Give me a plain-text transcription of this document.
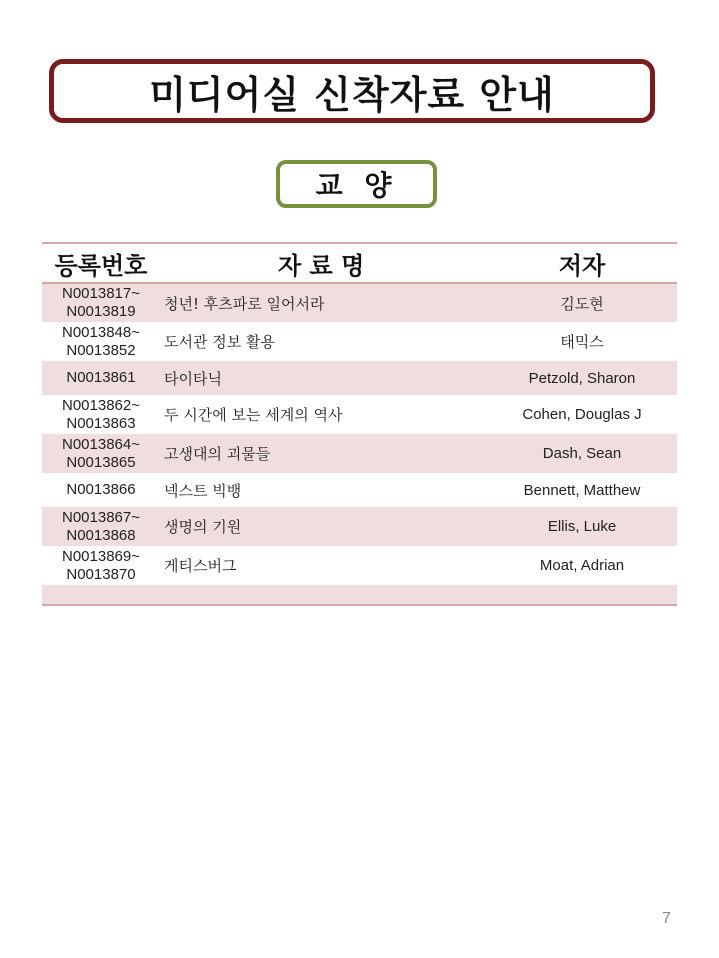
미디어실 신착자료 안내
교 양
등록번호	자 료 명	저자

N0013817~
N0013819	청년! 후츠파로 일어서라	김도현

N0013848~
N0013852	도서관 정보 활용	태믹스

N0013861	타이타닉	Petzold, Sharon

N0013862~
N0013863	두 시간에 보는 세계의 역사	Cohen, Douglas J

N0013864~
N0013865	고생대의 괴물들	Dash, Sean

N0013866	넥스트 빅뱅	Bennett, Matthew

N0013867~
N0013868	생명의 기원	Ellis, Luke

N0013869~
N0013870	게티스버그	Moat, Adrian

7
